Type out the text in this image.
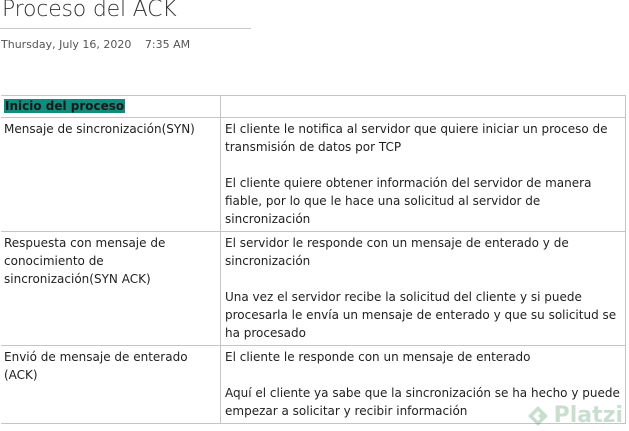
Proceso del ACK
Thursday, July 16, 2020 7:35 AM
Inicio del proceso	
Mensaje de sincronización(SYN)	El cliente le notifica al servidor que quiere iniciar un proceso de transmisión de datos por TCP

El cliente quiere obtener información del servidor de manera fiable, por lo que le hace una solicitud al servidor de sincronización

Respuesta con mensaje de conocimiento de sincronización(SYN ACK)	El servidor le responde con un mensaje de enterado y de sincronización

Una vez el servidor recibe la solicitud del cliente y si puede procesarla le envía un mensaje de enterado y que su solicitud se ha procesado

Envió de mensaje de enterado (ACK)	El cliente le responde con un mensaje de enterado

Aquí el cliente ya sabe que la sincronización se ha hecho y puede empezar a solicitar y recibir información	Platzi
